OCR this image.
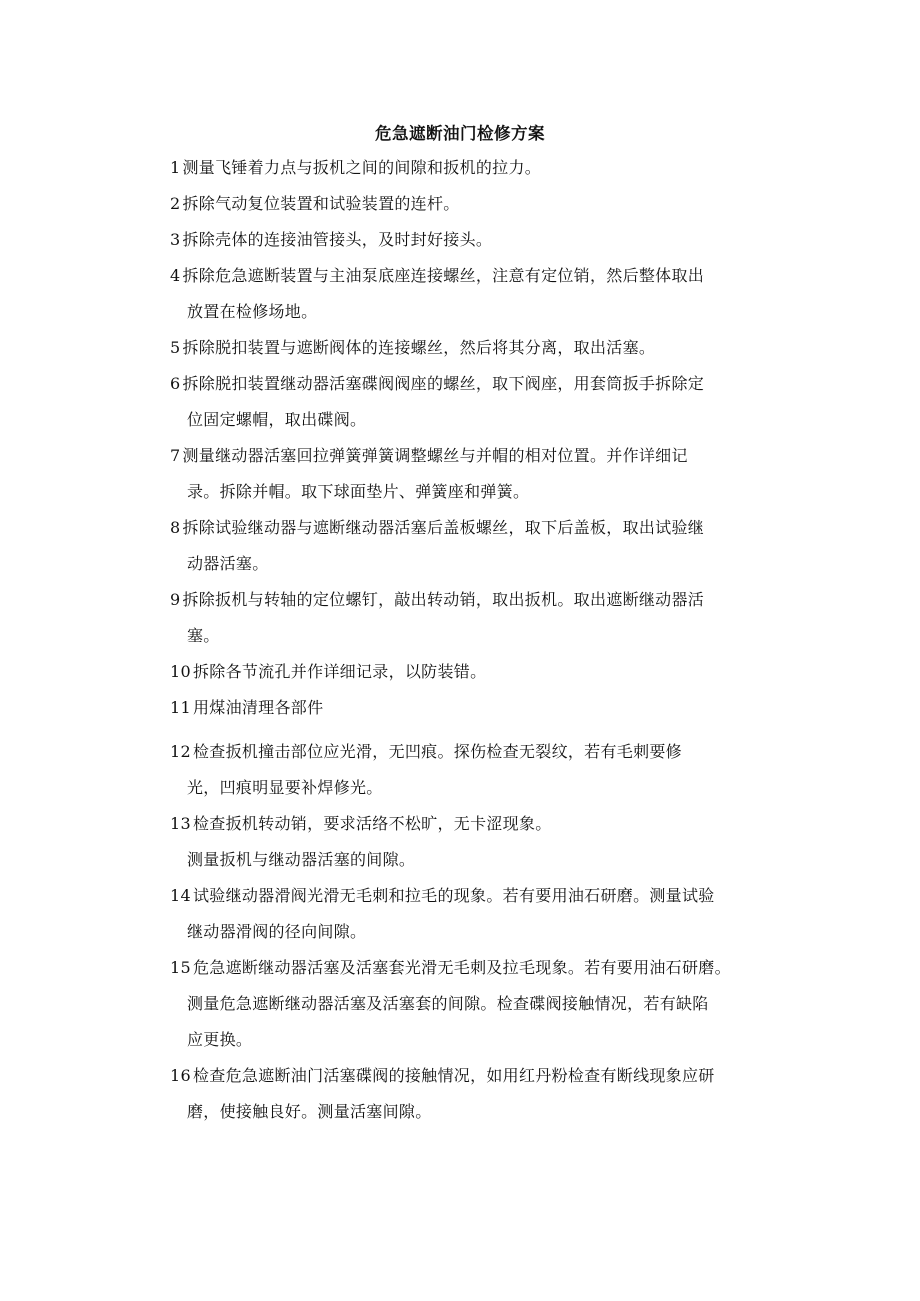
危急遮断油门检修方案
1 测量飞锤着力点与扳机之间的间隙和扳机的拉力。
2 拆除气动复位装置和试验装置的连杆。
3 拆除壳体的连接油管接头，及时封好接头。
4 拆除危急遮断装置与主油泵底座连接螺丝，注意有定位销，然后整体取出
放置在检修场地。
5 拆除脱扣装置与遮断阀体的连接螺丝，然后将其分离，取出活塞。
6 拆除脱扣装置继动器活塞碟阀阀座的螺丝，取下阀座，用套筒扳手拆除定
位固定螺帽，取出碟阀。
7 测量继动器活塞回拉弹簧弹簧调整螺丝与并帽的相对位置。并作详细记
录。拆除并帽。取下球面垫片、弹簧座和弹簧。
8 拆除试验继动器与遮断继动器活塞后盖板螺丝，取下后盖板，取出试验继
动器活塞。
9 拆除扳机与转轴的定位螺钉，敲出转动销，取出扳机。取出遮断继动器活
塞。
10 拆除各节流孔并作详细记录，以防装错。
11 用煤油清理各部件
12 检查扳机撞击部位应光滑，无凹痕。探伤检查无裂纹，若有毛刺要修
光，凹痕明显要补焊修光。
13 检查扳机转动销，要求活络不松旷，无卡涩现象。
测量扳机与继动器活塞的间隙。
14 试验继动器滑阀光滑无毛刺和拉毛的现象。若有要用油石研磨。测量试验
继动器滑阀的径向间隙。
15 危急遮断继动器活塞及活塞套光滑无毛刺及拉毛现象。若有要用油石研磨。
测量危急遮断继动器活塞及活塞套的间隙。检查碟阀接触情况，若有缺陷
应更换。
16 检查危急遮断油门活塞碟阀的接触情况，如用红丹粉检查有断线现象应研
磨，使接触良好。测量活塞间隙。
